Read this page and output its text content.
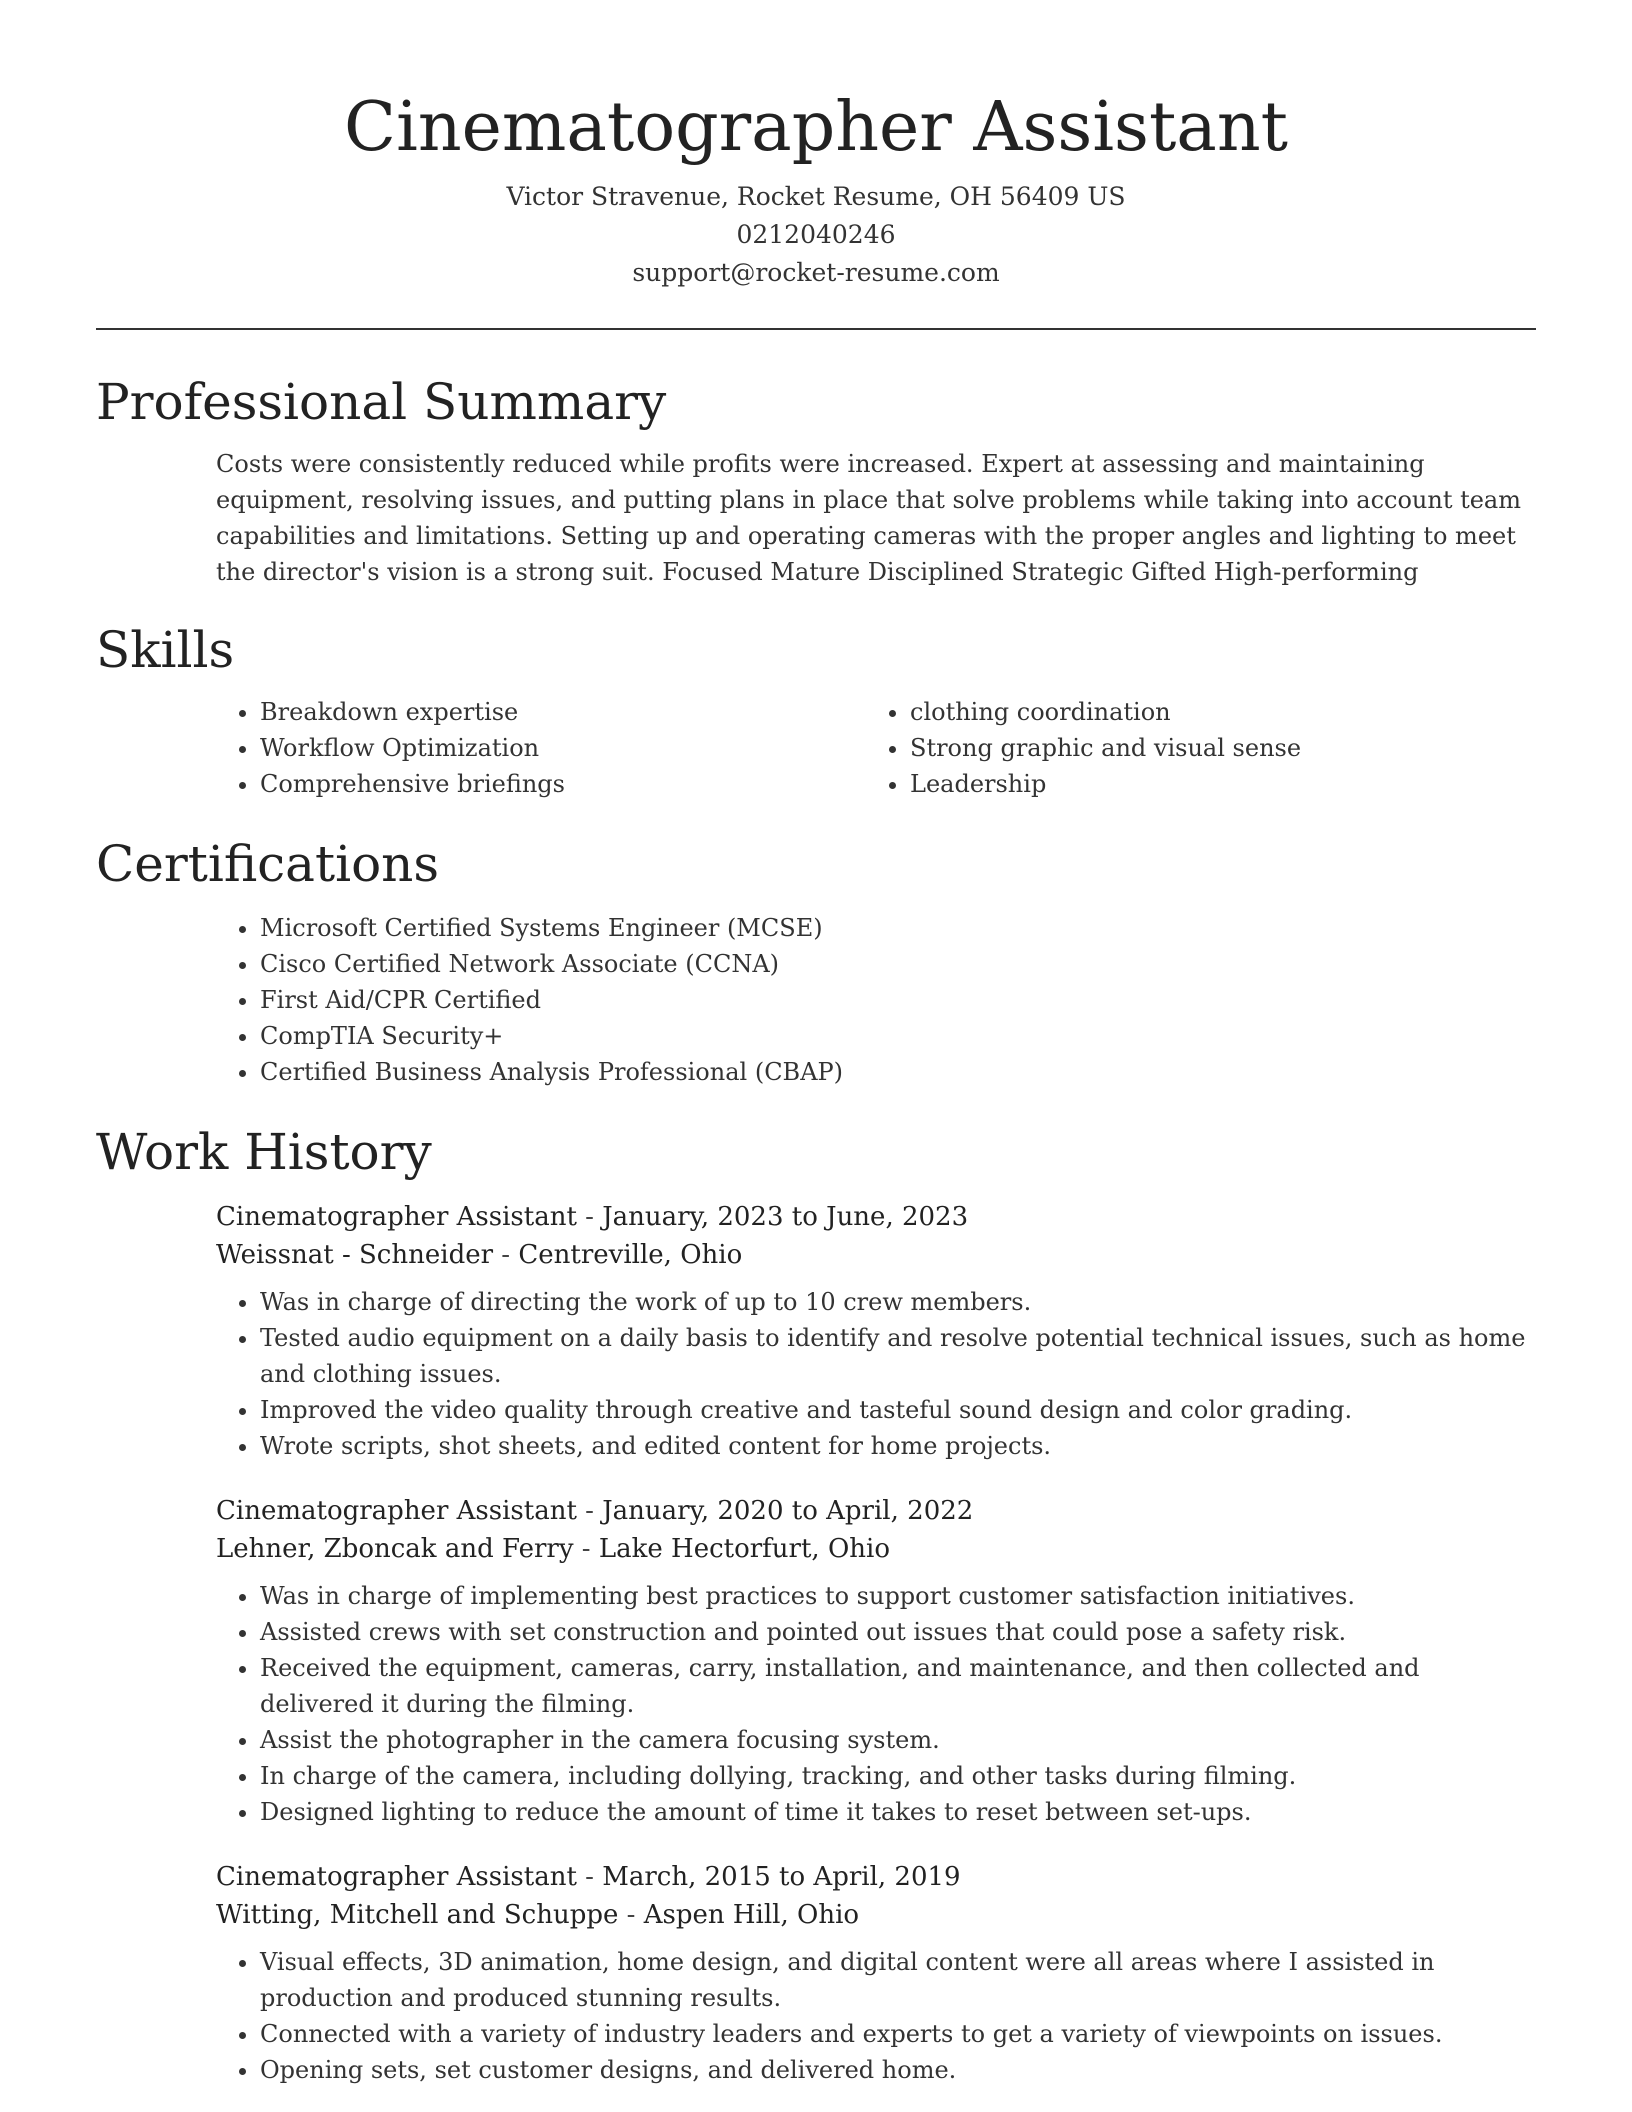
Cinematographer Assistant
Victor Stravenue, Rocket Resume, OH 56409 US
0212040246
support@rocket-resume.com
Professional Summary
Costs were consistently reduced while profits were increased. Expert at assessing and maintaining equipment, resolving issues, and putting plans in place that solve problems while taking into account team capabilities and limitations. Setting up and operating cameras with the proper angles and lighting to meet the director's vision is a strong suit. Focused Mature Disciplined Strategic Gifted High-performing
Skills
• Breakdown expertise
• Workflow Optimization
• Comprehensive briefings
• clothing coordination
• Strong graphic and visual sense
• Leadership
Certifications
• Microsoft Certified Systems Engineer (MCSE)
• Cisco Certified Network Associate (CCNA)
• First Aid/CPR Certified
• CompTIA Security+
• Certified Business Analysis Professional (CBAP)
Work History
Cinematographer Assistant - January, 2023 to June, 2023
Weissnat - Schneider - Centreville, Ohio
• Was in charge of directing the work of up to 10 crew members.
• Tested audio equipment on a daily basis to identify and resolve potential technical issues, such as home and clothing issues.
• Improved the video quality through creative and tasteful sound design and color grading.
• Wrote scripts, shot sheets, and edited content for home projects.
Cinematographer Assistant - January, 2020 to April, 2022
Lehner, Zboncak and Ferry - Lake Hectorfurt, Ohio
• Was in charge of implementing best practices to support customer satisfaction initiatives.
• Assisted crews with set construction and pointed out issues that could pose a safety risk.
• Received the equipment, cameras, carry, installation, and maintenance, and then collected and delivered it during the filming.
• Assist the photographer in the camera focusing system.
• In charge of the camera, including dollying, tracking, and other tasks during filming.
• Designed lighting to reduce the amount of time it takes to reset between set-ups.
Cinematographer Assistant - March, 2015 to April, 2019
Witting, Mitchell and Schuppe - Aspen Hill, Ohio
• Visual effects, 3D animation, home design, and digital content were all areas where I assisted in production and produced stunning results.
• Connected with a variety of industry leaders and experts to get a variety of viewpoints on issues.
• Opening sets, set customer designs, and delivered home.
